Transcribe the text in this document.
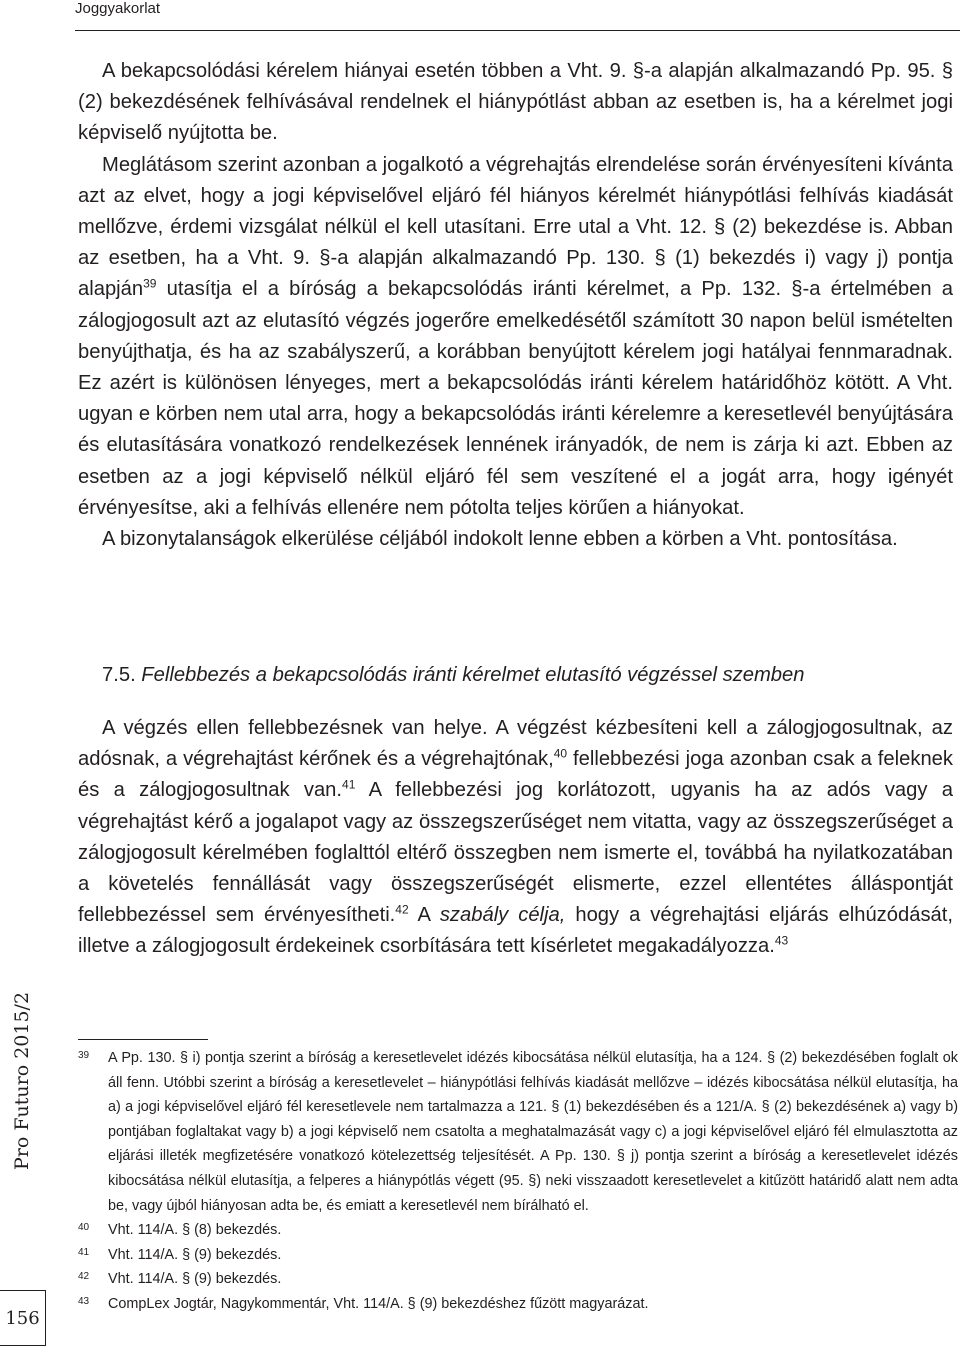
Joggyakorlat

A bekapcsolódási kérelem hiányai esetén többen a Vht. 9. §-a alapján alkalmazandó Pp. 95. § (2) bekezdésének felhívásával rendelnek el hiánypótlást abban az esetben is, ha a kérelmet jogi képviselő nyújtotta be.

Meglátásom szerint azonban a jogalkotó a végrehajtás elrendelése során érvényesíteni kívánta azt az elvet, hogy a jogi képviselővel eljáró fél hiányos kérelmét hiánypótlási felhívás kiadását mellőzve, érdemi vizsgálat nélkül el kell utasítani. Erre utal a Vht. 12. § (2) bekezdése is. Abban az esetben, ha a Vht. 9. §-a alapján alkalmazandó Pp. 130. § (1) bekezdés i) vagy j) pontja alapján$^{39}$ utasítja el a bíróság a bekapcsolódás iránti kérelmet, a Pp. 132. §-a értelmében a zálogjogosult azt az elutasító végzés jogerőre emelkedésétől számított 30 napon belül ismételten benyújthatja, és ha az szabályszerű, a korábban benyújtott kérelem jogi hatályai fennmaradnak. Ez azért is különösen lényeges, mert a bekapcsolódás iránti kérelem határidőhöz kötött. A Vht. ugyan e körben nem utal arra, hogy a bekapcsolódás iránti kérelemre a keresetlevél benyújtására és elutasítására vonatkozó rendelkezések lennének irányadók, de nem is zárja ki azt. Ebben az esetben az a jogi képviselő nélkül eljáró fél sem veszítené el a jogát arra, hogy igényét érvényesítse, aki a felhívás ellenére nem pótolta teljes körűen a hiányokat.

A bizonytalanságok elkerülése céljából indokolt lenne ebben a körben a Vht. pontosítása.

7.5. Fellebbezés a bekapcsolódás iránti kérelmet elutasító végzéssel szemben

A végzés ellen fellebbezésnek van helye. A végzést kézbesíteni kell a zálogjogosultnak, az adósnak, a végrehajtást kérőnek és a végrehajtónak,$^{40}$ fellebbezési joga azonban csak a feleknek és a zálogjogosultnak van.$^{41}$ A fellebbezési jog korlátozott, ugyanis ha az adós vagy a végrehajtást kérő a jogalapot vagy az összegszerűséget nem vitatta, vagy az összegszerűséget a zálogjogosult kérelmében foglalttól eltérő összegben nem ismerte el, továbbá ha nyilatkozatában a követelés fennállását vagy összegszerűségét elismerte, ezzel ellentétes álláspontját fellebbezéssel sem érvényesítheti.$^{42}$ A szabály célja, hogy a végrehajtási eljárás elhúzódását, illetve a zálogjogosult érdekeinek csorbítására tett kísérletet megakadályozza.$^{43}$

39	A Pp. 130. § i) pontja szerint a bíróság a keresetlevelet idézés kibocsátása nélkül elutasítja, ha a 124. § (2) bekezdésében foglalt ok áll fenn. Utóbbi szerint a bíróság a keresetlevelet – hiánypótlási felhívás kiadását mellőzve – idézés kibocsátása nélkül elutasítja, ha a) a jogi képviselővel eljáró fél keresetlevele nem tartalmazza a 121. § (1) bekezdésében és a 121/A. § (2) bekezdésének a) vagy b) pontjában foglaltakat vagy b) a jogi képviselő nem csatolta a meghatalmazását vagy c) a jogi képviselővel eljáró fél elmulasztotta az eljárási illeték megfizetésére vonatkozó kötelezettség teljesítését. A Pp. 130. § j) pontja szerint a bíróság a keresetlevelet idézés kibocsátása nélkül elutasítja, a felperes a hiánypótlás végett (95. §) neki visszaadott keresetlevelet a kitűzött határidő alatt nem adta be, vagy újból hiányosan adta be, és emiatt a keresetlevél nem bírálható el.
40	Vht. 114/A. § (8) bekezdés.
41	Vht. 114/A. § (9) bekezdés.
42	Vht. 114/A. § (9) bekezdés.
43	CompLex Jogtár, Nagykommentár, Vht. 114/A. § (9) bekezdéshez fűzött magyarázat.
Pro Futuro 2015/2
156
